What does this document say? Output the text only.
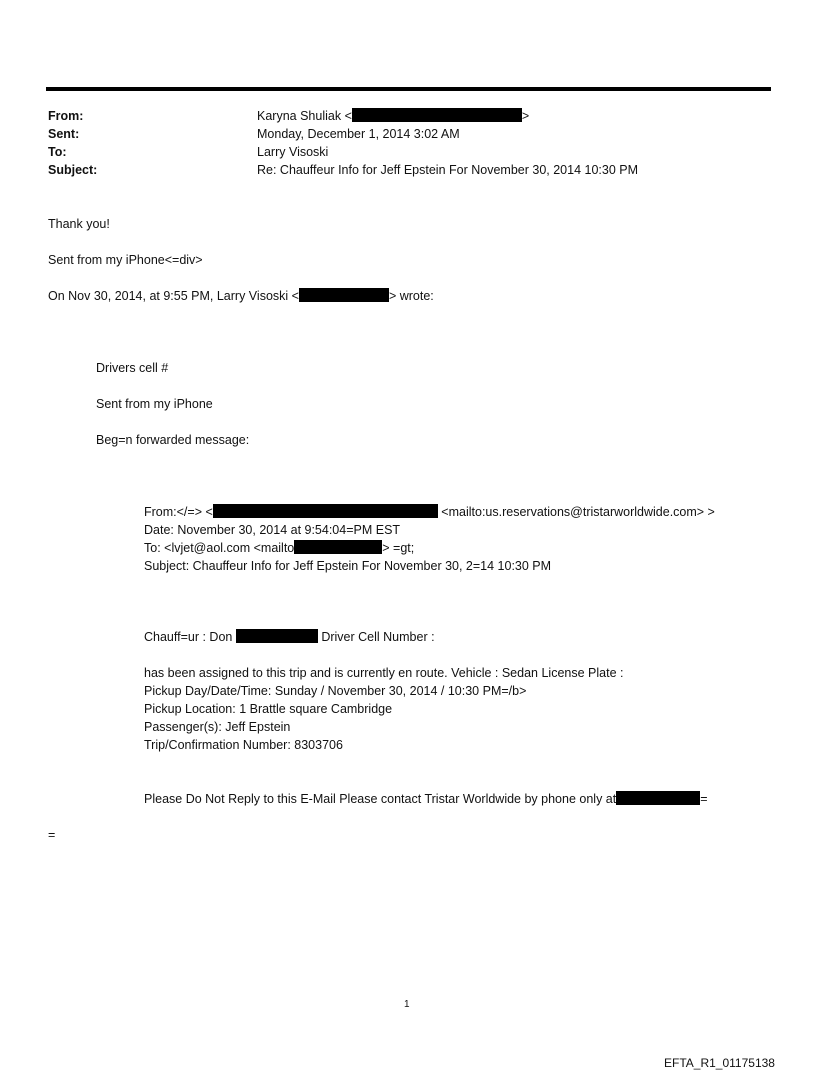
From:	Karyna Shuliak <	>
Sent:	Monday, December 1, 2014 3:02 AM
To:	Larry Visoski
Subject:	Re: Chauffeur Info for Jeff Epstein For November 30, 2014 10:30 PM
Thank you!
Sent from my iPhone<=div>
On Nov 30, 2014, at 9:55 PM, Larry Visoski <	> wrote:
Drivers cell #
Sent from my iPhone
Beg=n forwarded message:
From:</=> <	<mailto:us.reservations@tristarworldwide.com> >
Date: November 30, 2014 at 9:54:04=PM EST
To: <lvjet@aol.com <mailto	> =gt;
Subject: Chauffeur Info for Jeff Epstein For November 30, 2=14 10:30 PM
Chauff=ur : Don	Driver Cell Number :
has been assigned to this trip and is currently en route. Vehicle : Sedan License Plate :
Pickup Day/Date/Time: Sunday / November 30, 2014 / 10:30 PM=/b>
Pickup Location: 1 Brattle square Cambridge
Passenger(s): Jeff Epstein
Trip/Confirmation Number: 8303706
Please Do Not Reply to this E-Mail Please contact Tristar Worldwide by phone only at	=
=
1
EFTA_R1_01175138
